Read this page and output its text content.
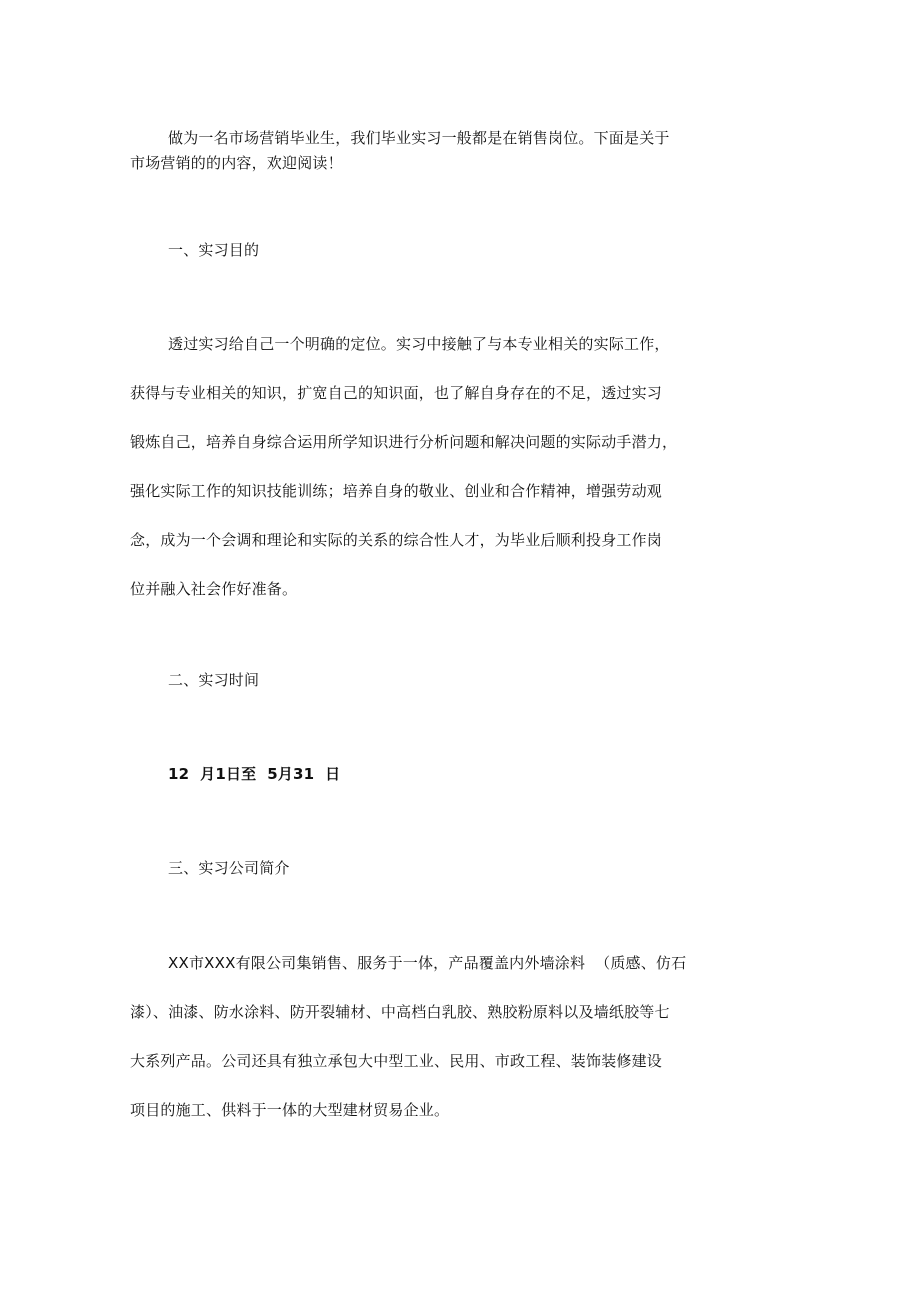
做为一名市场营销毕业生，我们毕业实习一般都是在销售岗位。下面是关于
市场营销的的内容，欢迎阅读！
一、实习目的
透过实习给自己一个明确的定位。实习中接触了与本专业相关的实际工作，
获得与专业相关的知识，扩宽自己的知识面，也了解自身存在的不足，透过实习
锻炼自己，培养自身综合运用所学知识进行分析问题和解决问题的实际动手潜力，
强化实际工作的知识技能训练；培养自身的敬业、创业和合作精神，增强劳动观
念，成为一个会调和理论和实际的关系的综合性人才，为毕业后顺利投身工作岗
位并融入社会作好准备。
二、实习时间
12  月1日至  5月31  日
三、实习公司简介
XX市XXX有限公司集销售、服务于一体，产品覆盖内外墙涂料  （质感、仿石
漆）、油漆、防水涂料、防开裂辅材、中高档白乳胶、熟胶粉原料以及墙纸胶等七
大系列产品。公司还具有独立承包大中型工业、民用、市政工程、装饰装修建设
项目的施工、供料于一体的大型建材贸易企业。
